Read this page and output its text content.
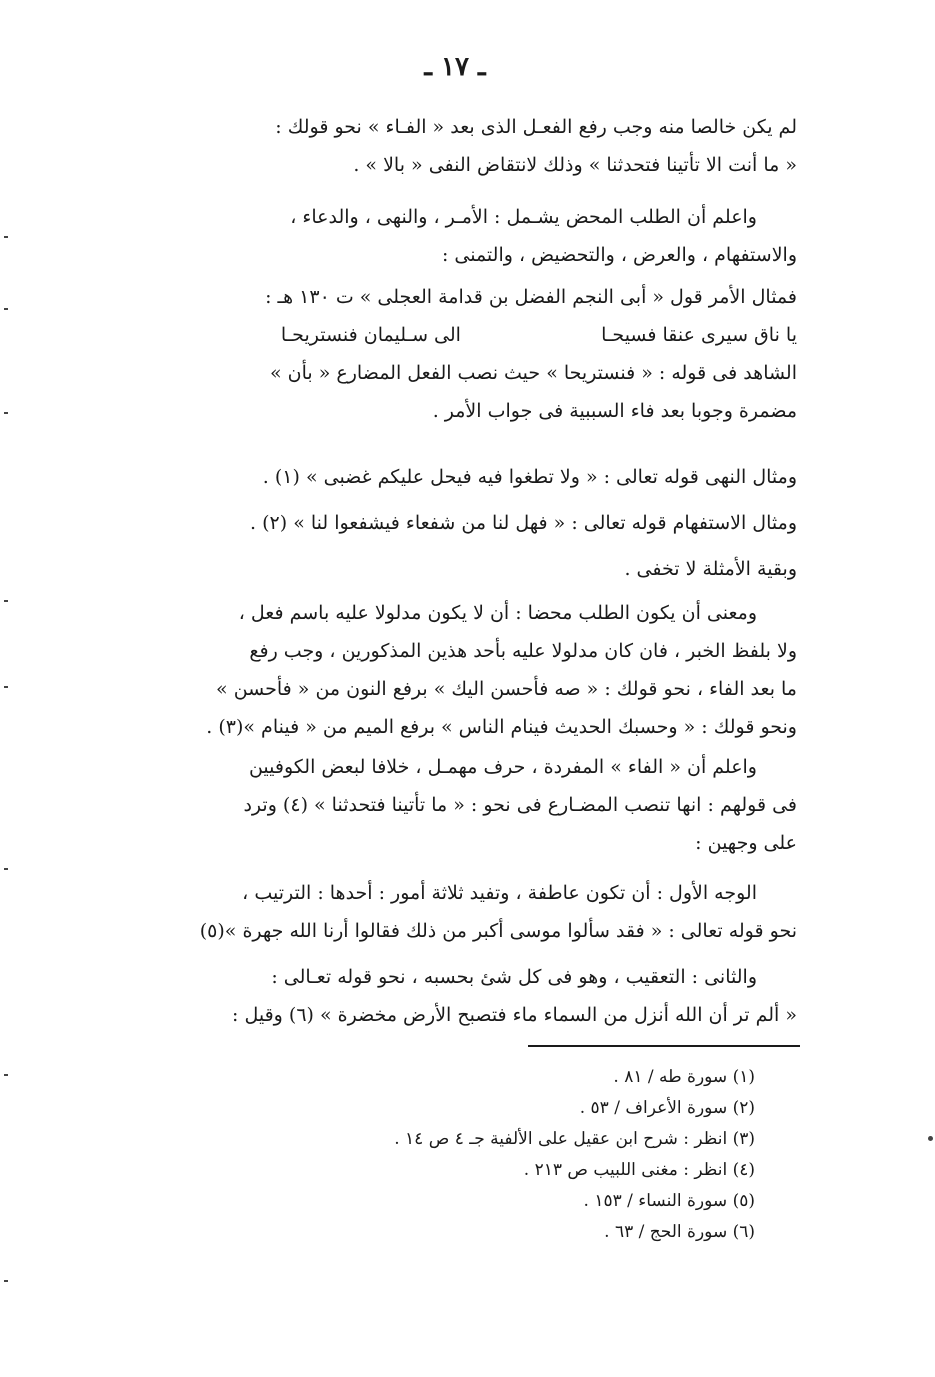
ـ ١٧ ـ
لم يكن خالصا منه وجب رفع الفعـل الذى بعد « الفـاء » نحو قولك :
« ما أنت الا تأتينا فتحدثنا » وذلك لانتقاض النفى « بالا » .
واعلم أن الطلب المحض يشـمل : الأمـر ، والنهى ، والدعاء ،
والاستفهام ، والعرض ، والتحضيض ، والتمنى :
فمثال الأمر قول « أبى النجم الفضل بن قدامة العجلى » ت ١٣٠ هـ :
يا ناق سيرى عنقا فسيحـا الى سـليمان فنستريحـا
الشاهد فى قوله : « فنستريحا » حيث نصب الفعل المضارع « بأن »
مضمرة وجوبا بعد فاء السببية فى جواب الأمر .
ومثال النهى قوله تعالى : « ولا تطغوا فيه فيحل عليكم غضبى » (١) .
ومثال الاستفهام قوله تعالى : « فهل لنا من شفعاء فيشفعوا لنا » (٢) .
وبقية الأمثلة لا تخفى .
ومعنى أن يكون الطلب محضا : أن لا يكون مدلولا عليه باسم فعل ،
ولا بلفظ الخبر ، فان كان مدلولا عليه بأحد هذين المذكورين ، وجب رفع
ما بعد الفاء ، نحو قولك : « صه فأحسن اليك » برفع النون من « فأحسن »
ونحو قولك : « وحسبك الحديث فينام الناس » برفع الميم من « فينام »(٣) .
واعلم أن « الفاء » المفردة ، حرف مهمـل ، خلافا لبعض الكوفيين
فى قولهم : انها تنصب المضـارع فى نحو : « ما تأتينا فتحدثنا » (٤) وترد
على وجهين :
الوجه الأول : أن تكون عاطفة ، وتفيد ثلاثة أمور : أحدها : الترتيب ،
نحو قوله تعالى : « فقد سألوا موسى أكبر من ذلك فقالوا أرنا الله جهرة »(٥)
والثانى : التعقيب ، وهو فى كل شئ بحسبه ، نحو قوله تعـالى :
« ألم تر أن الله أنزل من السماء ماء فتصبح الأرض مخضرة » (٦) وقيل :
(١) سورة طه / ٨١ .
(٢) سورة الأعراف / ٥٣ .
(٣) انظر : شرح ابن عقيل على الألفية جـ ٤ ص ١٤ .
(٤) انظر : مغنى اللبيب ص ٢١٣ .
(٥) سورة النساء / ١٥٣ .
(٦) سورة الحج / ٦٣ .
